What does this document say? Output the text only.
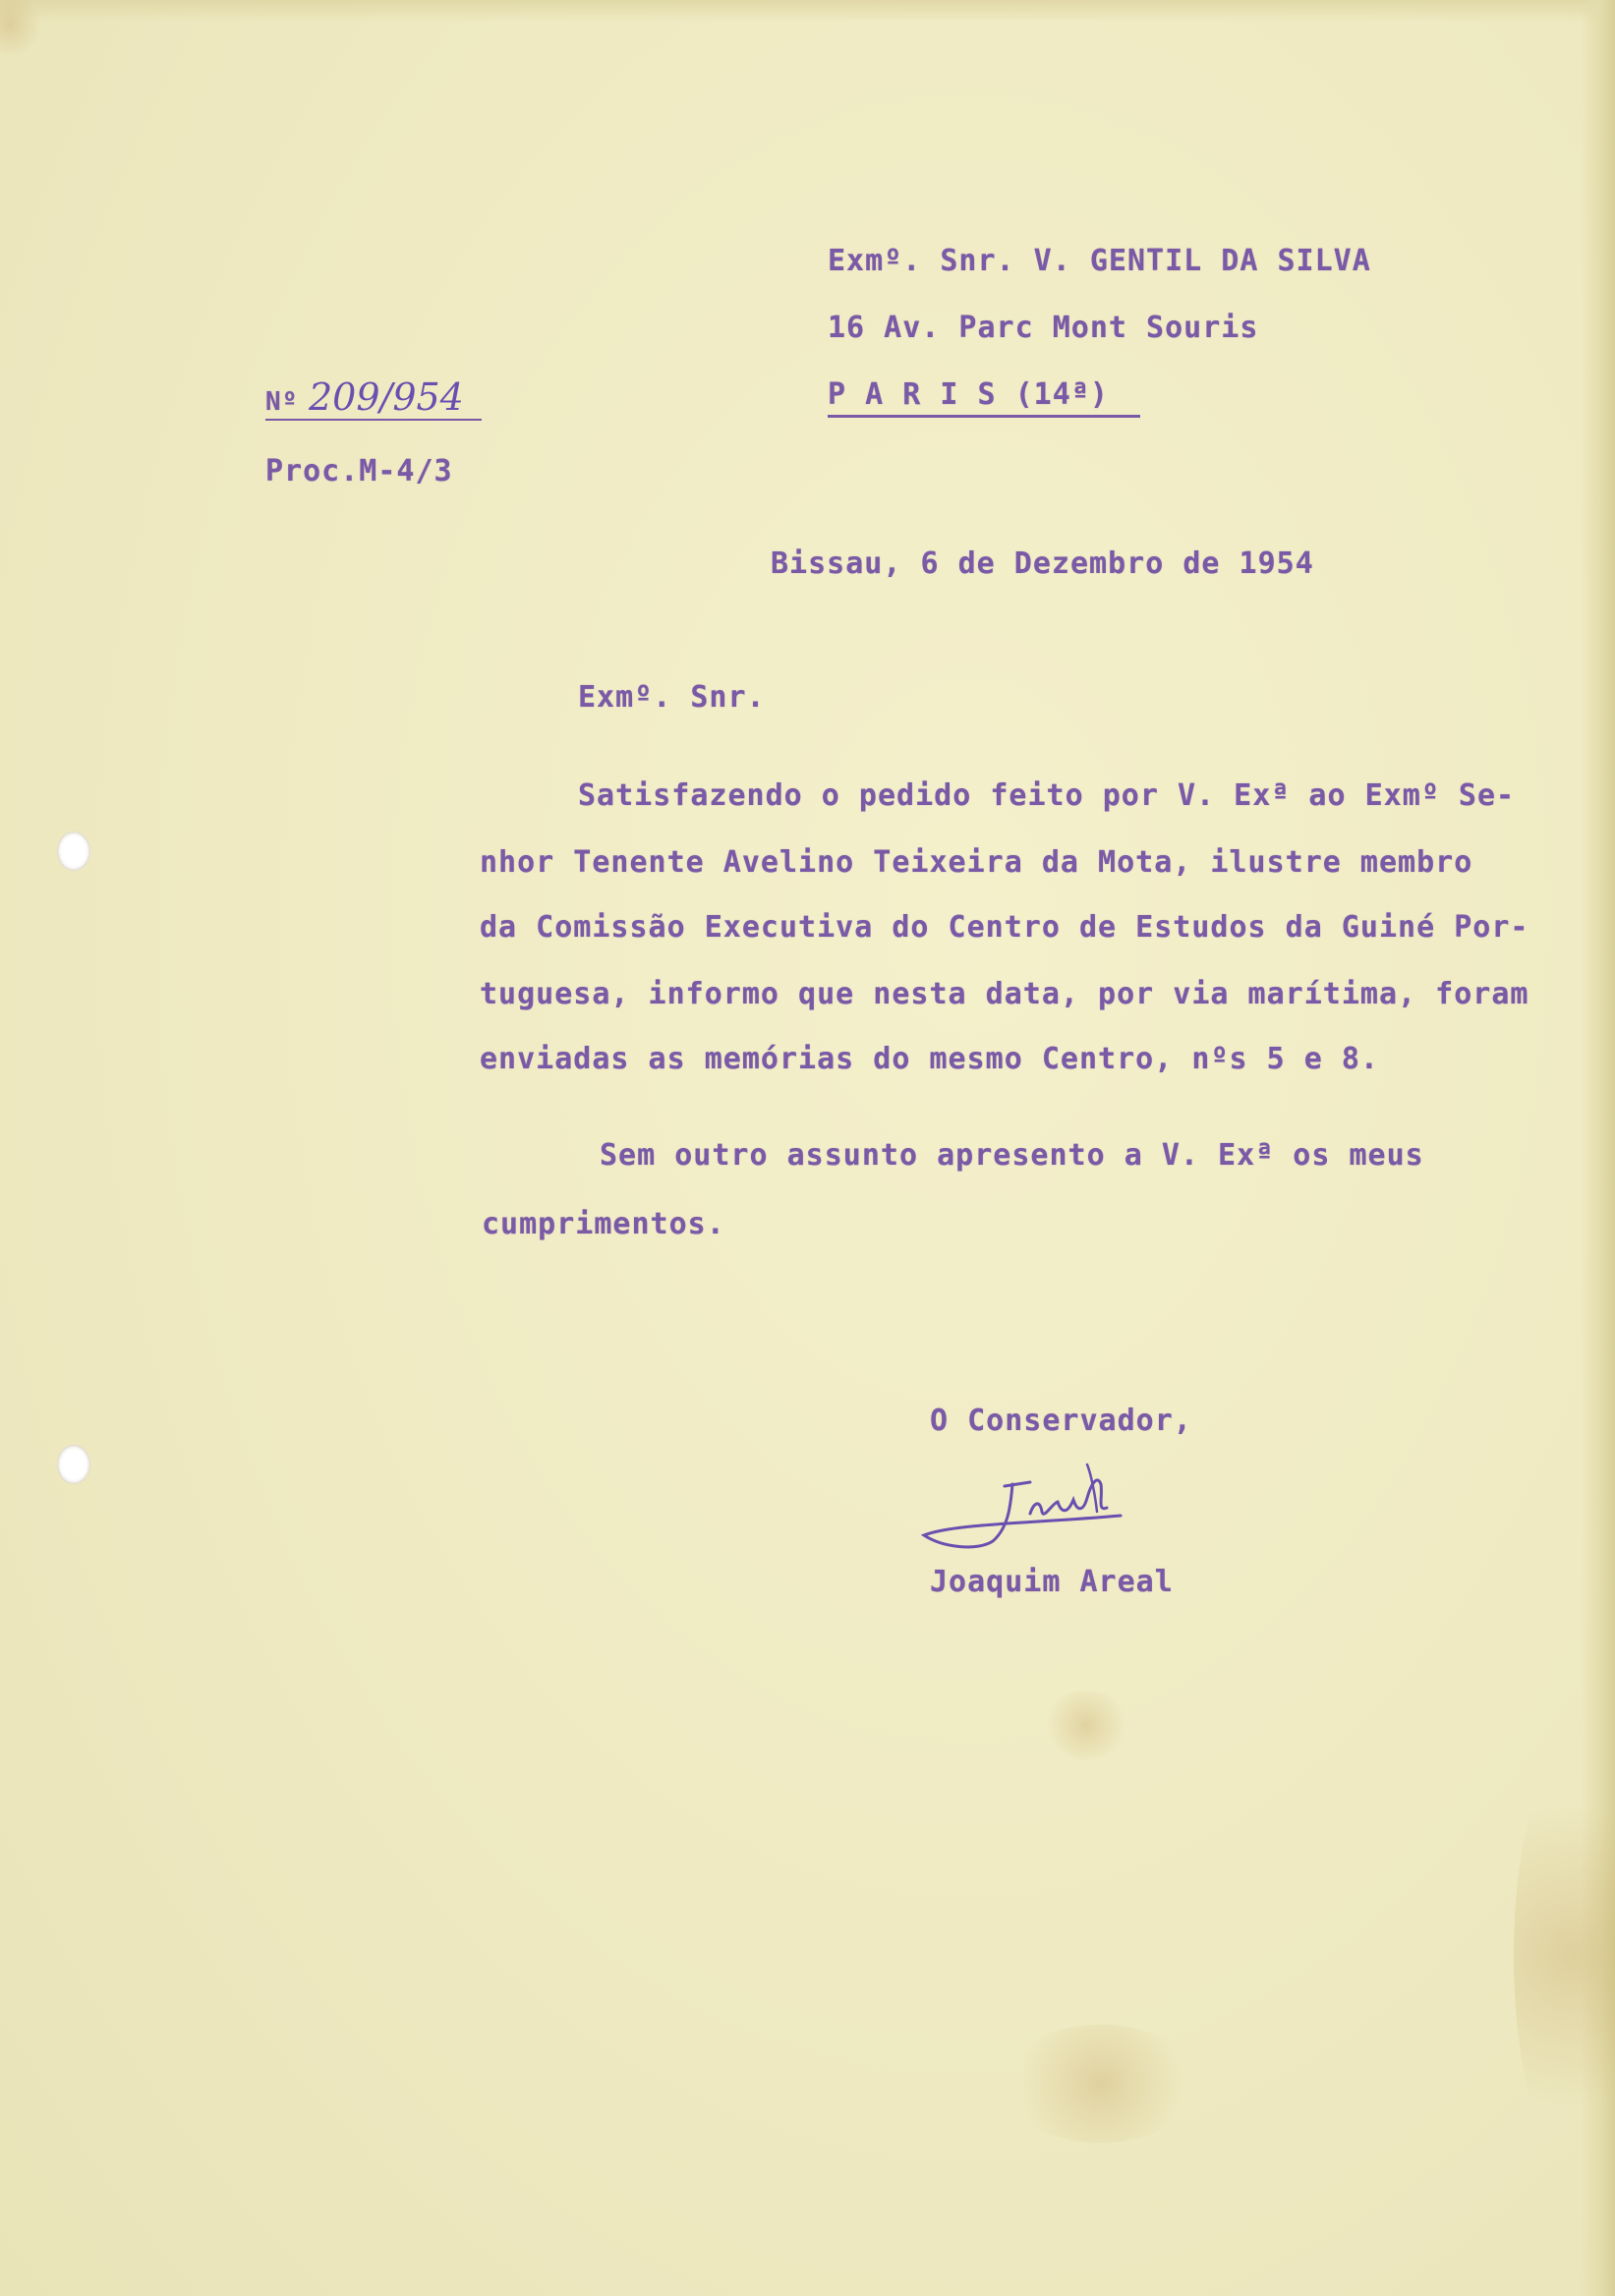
Exmº. Snr. V. GENTIL DA SILVA
16 Av. Parc Mont Souris
P A R I S (14ª)
Nº 209/954
Proc.M-4/3
Bissau, 6 de Dezembro de 1954
Exmº. Snr.
Satisfazendo o pedido feito por V. Exª ao Exmº Se-
nhor Tenente Avelino Teixeira da Mota, ilustre membro
da Comissão Executiva do Centro de Estudos da Guiné Por-
tuguesa, informo que nesta data, por via marítima, foram
enviadas as memórias do mesmo Centro, nºs 5 e 8.
Sem outro assunto apresento a V. Exª os meus
cumprimentos.
O Conservador,
Joaquim Areal
